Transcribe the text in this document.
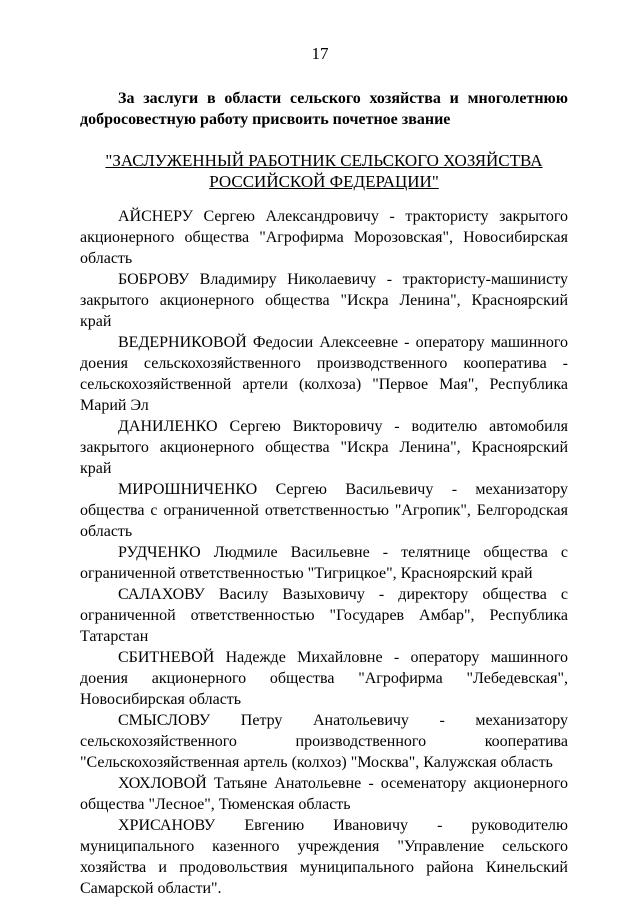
17
За заслуги в области сельского хозяйства и многолетнюю добросовестную работу присвоить почетное звание
"ЗАСЛУЖЕННЫЙ РАБОТНИК СЕЛЬСКОГО ХОЗЯЙСТВА РОССИЙСКОЙ ФЕДЕРАЦИИ"

АЙСНЕРУ Сергею Александровичу - трактористу закрытого акционерного общества "Агрофирма Морозовская", Новосибирская область

БОБРОВУ Владимиру Николаевичу - трактористу-машинисту закрытого акционерного общества "Искра Ленина", Красноярский край

ВЕДЕРНИКОВОЙ Федосии Алексеевне - оператору машинного доения сельскохозяйственного производственного кооператива - сельскохозяйственной артели (колхоза) "Первое Мая", Республика Марий Эл

ДАНИЛЕНКО Сергею Викторовичу - водителю автомобиля закрытого акционерного общества "Искра Ленина", Красноярский край

МИРОШНИЧЕНКО Сергею Васильевичу - механизатору общества с ограниченной ответственностью "Агропик", Белгородская область

РУДЧЕНКО Людмиле Васильевне - телятнице общества с ограниченной ответственностью "Тигрицкое", Красноярский край

САЛАХОВУ Василу Вазыховичу - директору общества с ограниченной ответственностью "Государев Амбар", Республика Татарстан

СБИТНЕВОЙ Надежде Михайловне - оператору машинного доения акционерного общества "Агрофирма "Лебедевская", Новосибирская область

СМЫСЛОВУ Петру Анатольевичу - механизатору сельскохозяйственного производственного кооператива "Сельскохозяйственная артель (колхоз) "Москва", Калужская область

ХОХЛОВОЙ Татьяне Анатольевне - осеменатору акционерного общества "Лесное", Тюменская область

ХРИСАНОВУ Евгению Ивановичу - руководителю муниципального казенного учреждения "Управление сельского хозяйства и продовольствия муниципального района Кинельский Самарской области".
